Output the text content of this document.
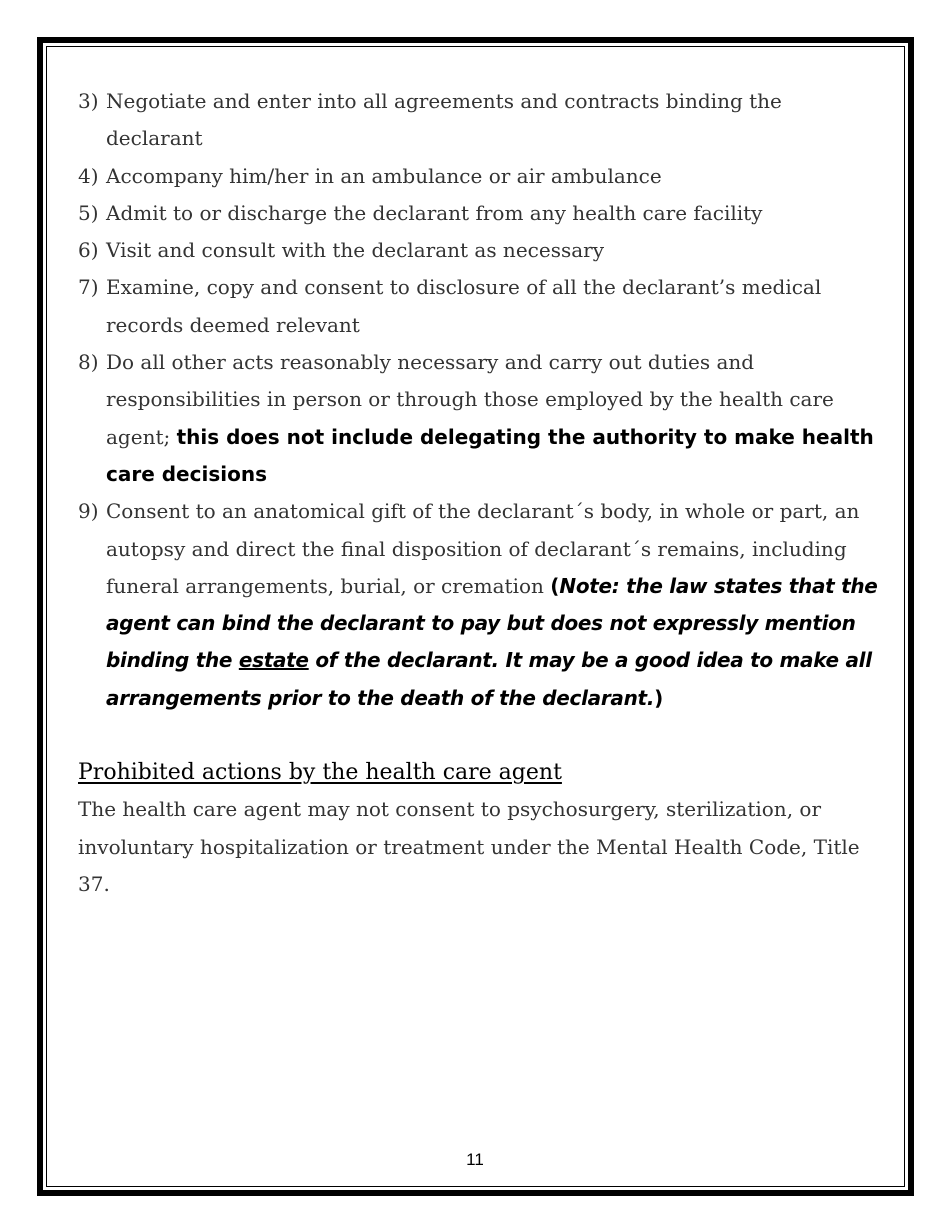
3) Negotiate and enter into all agreements and contracts binding the declarant
4) Accompany him/her in an ambulance or air ambulance
5) Admit to or discharge the declarant from any health care facility
6) Visit and consult with the declarant as necessary
7) Examine, copy and consent to disclosure of all the declarant’s medical records deemed relevant
8) Do all other acts reasonably necessary and carry out duties and responsibilities in person or through those employed by the health care agent; this does not include delegating the authority to make health care decisions
9) Consent to an anatomical gift of the declarant´s body, in whole or part, an autopsy and direct the final disposition of declarant´s remains, including funeral arrangements, burial, or cremation (Note: the law states that the agent can bind the declarant to pay but does not expressly mention binding the estate of the declarant. It may be a good idea to make all arrangements prior to the death of the declarant.)
Prohibited actions by the health care agent

The health care agent may not consent to psychosurgery, sterilization, or involuntary hospitalization or treatment under the Mental Health Code, Title 37.

11
